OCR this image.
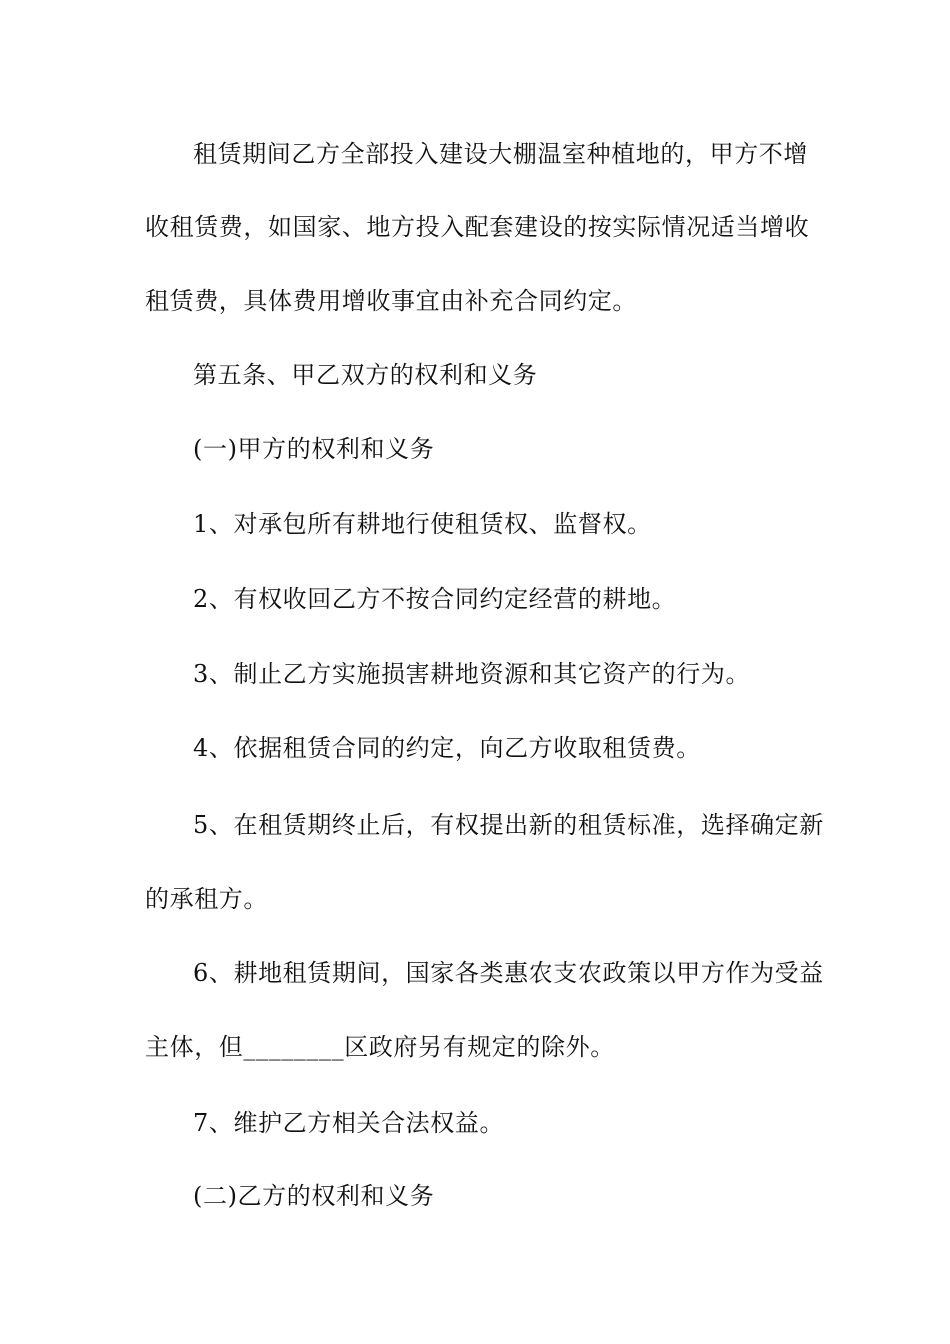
租赁期间乙方全部投入建设大棚温室种植地的，甲方不增
收租赁费，如国家、地方投入配套建设的按实际情况适当增收
租赁费，具体费用增收事宜由补充合同约定。
第五条、甲乙双方的权利和义务
(一)甲方的权利和义务
1、对承包所有耕地行使租赁权、监督权。
2、有权收回乙方不按合同约定经营的耕地。
3、制止乙方实施损害耕地资源和其它资产的行为。
4、依据租赁合同的约定，向乙方收取租赁费。
5、在租赁期终止后，有权提出新的租赁标准，选择确定新
的承租方。
6、耕地租赁期间，国家各类惠农支农政策以甲方作为受益
主体，但________区政府另有规定的除外。
7、维护乙方相关合法权益。
(二)乙方的权利和义务
